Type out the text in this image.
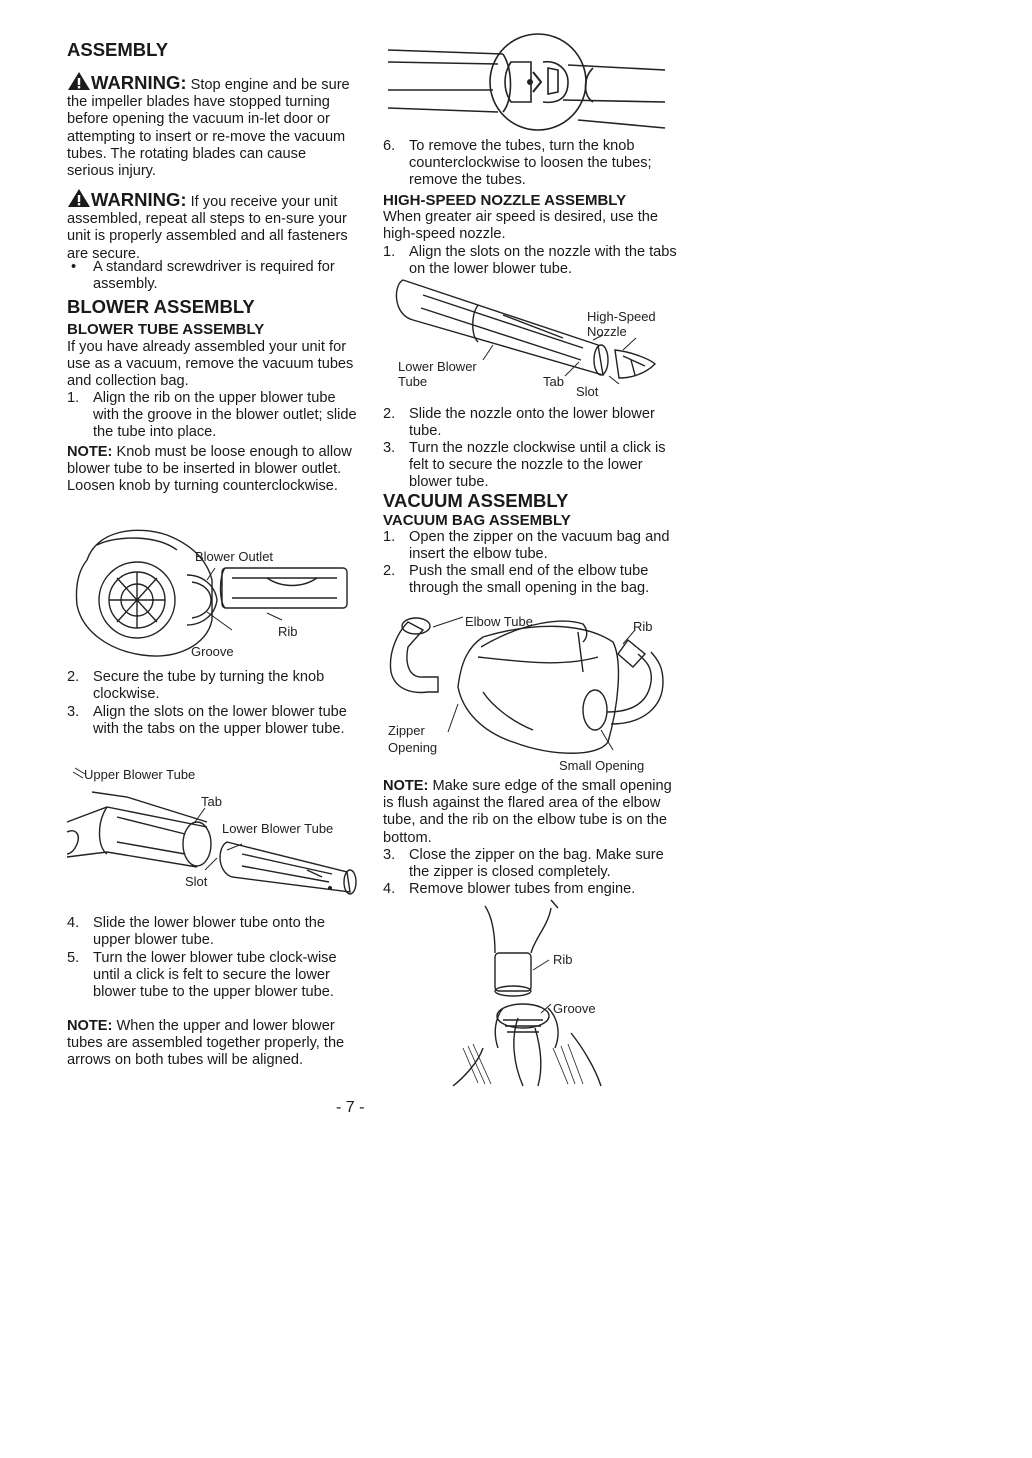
ASSEMBLY
WARNING: Stop engine and be sure the impeller blades have stopped turning before opening the vacuum in-let door or attempting to insert or re-move the vacuum tubes. The rotating blades can cause serious injury.
WARNING: If you receive your unit assembled, repeat all steps to en-sure your unit is properly assembled and all fasteners are secure.
• A standard screwdriver is required for assembly.
BLOWER ASSEMBLY
BLOWER TUBE ASSEMBLY
If you have already assembled your unit for use as a vacuum, remove the vacuum tubes and collection bag.
1. Align the rib on the upper blower tube with the groove in the blower outlet; slide the tube into place.
NOTE: Knob must be loose enough to allow blower tube to be inserted in blower outlet. Loosen knob by turning counterclockwise.
Blower Outlet
Rib
Groove
2. Secure the tube by turning the knob clockwise.
3. Align the slots on the lower blower tube with the tabs on the upper blower tube.
Upper Blower Tube
Tab
Lower Blower Tube
Slot
4. Slide the lower blower tube onto the upper blower tube.
5. Turn the lower blower tube clock-wise until a click is felt to secure the lower blower tube to the upper blower tube.
NOTE: When the upper and lower blower tubes are assembled together properly, the arrows on both tubes will be aligned.
6. To remove the tubes, turn the knob counterclockwise to loosen the tubes; remove the tubes.
HIGH-SPEED NOZZLE ASSEMBLY
When greater air speed is desired, use the high-speed nozzle.
1. Align the slots on the nozzle with the tabs on the lower blower tube.
High-Speed
Nozzle
Lower Blower
Tube	Tab
Slot
2. Slide the nozzle onto the lower blower tube.
3. Turn the nozzle clockwise until a click is felt to secure the nozzle to the lower blower tube.
VACUUM ASSEMBLY
VACUUM BAG ASSEMBLY
1. Open the zipper on the vacuum bag and insert the elbow tube.
2. Push the small end of the elbow tube through the small opening in the bag.
Elbow Tube	Rib
Zipper
Opening
Small Opening
NOTE: Make sure edge of the small opening is flush against the flared area of the elbow tube, and the rib on the elbow tube is on the bottom.
3. Close the zipper on the bag. Make sure the zipper is closed completely.
4. Remove blower tubes from engine.
Rib
Groove
- 7 -
